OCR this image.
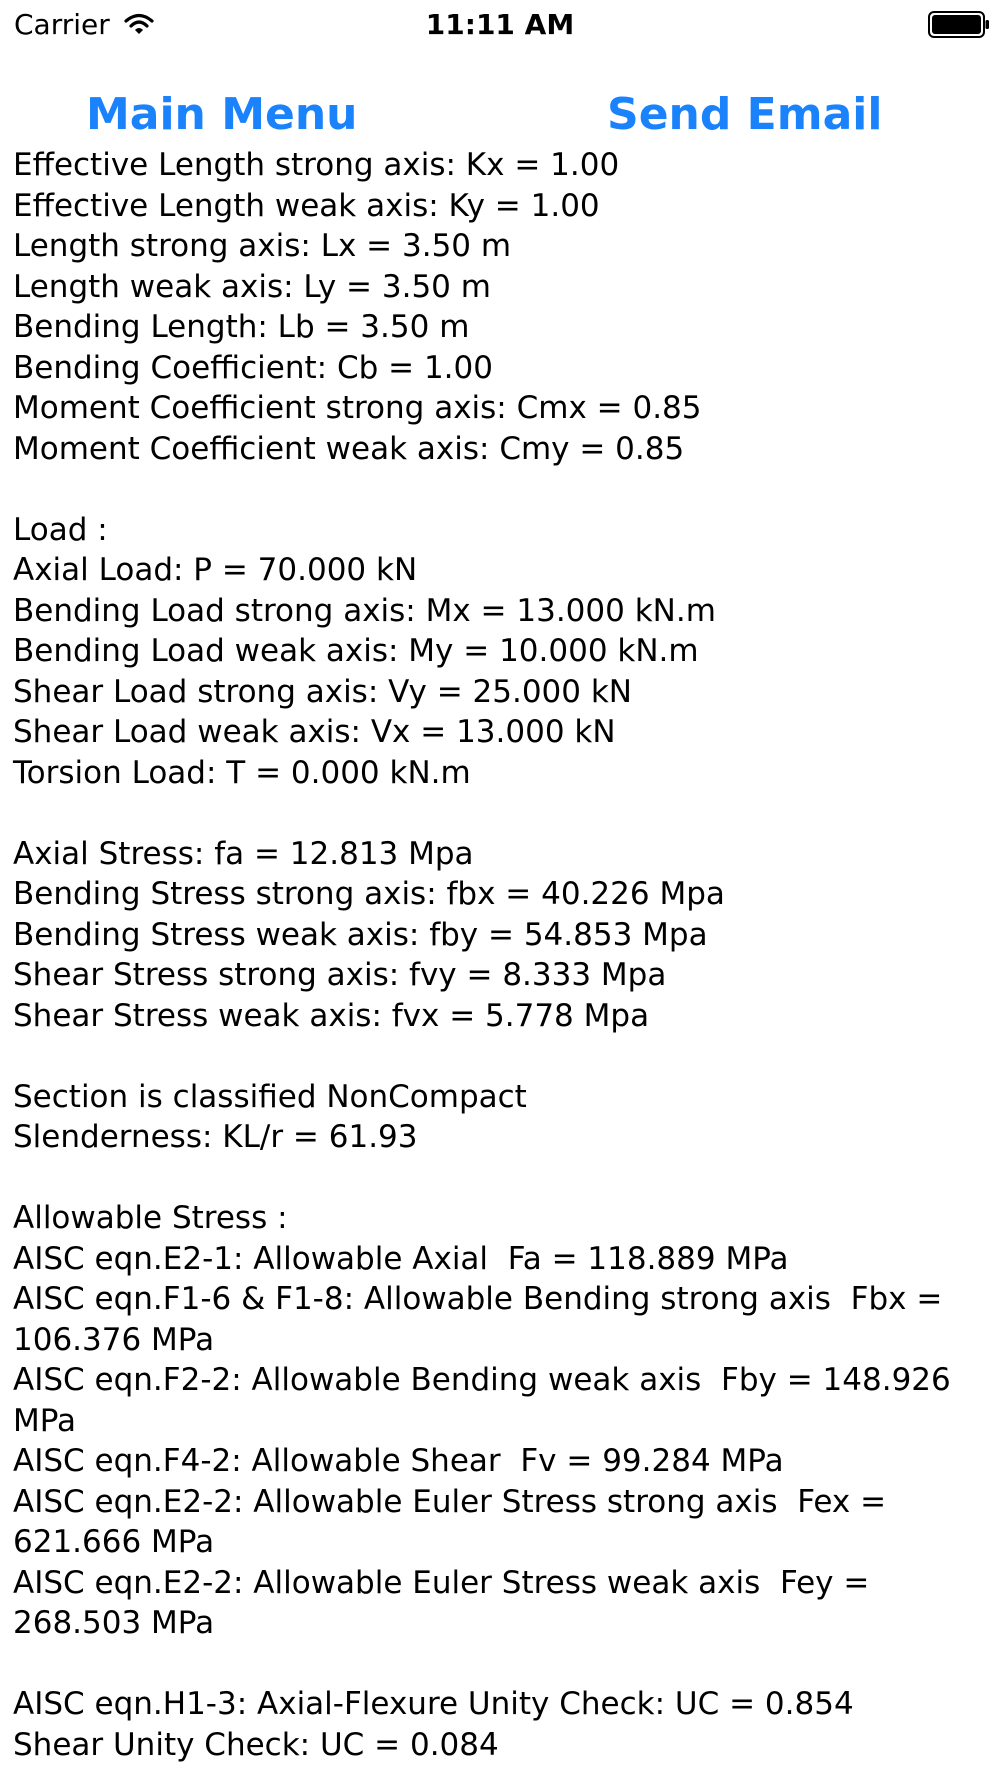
Carrier	11:11 AM
Main Menu	Send Email
Effective Length strong axis: Kx = 1.00
Effective Length weak axis: Ky = 1.00
Length strong axis: Lx = 3.50 m
Length weak axis: Ly = 3.50 m
Bending Length: Lb = 3.50 m
Bending Coefficient: Cb = 1.00
Moment Coefficient strong axis: Cmx = 0.85
Moment Coefficient weak axis: Cmy = 0.85
Load :
Axial Load: P = 70.000 kN
Bending Load strong axis: Mx = 13.000 kN.m
Bending Load weak axis: My = 10.000 kN.m
Shear Load strong axis: Vy = 25.000 kN
Shear Load weak axis: Vx = 13.000 kN
Torsion Load: T = 0.000 kN.m
Axial Stress: fa = 12.813 Mpa
Bending Stress strong axis: fbx = 40.226 Mpa
Bending Stress weak axis: fby = 54.853 Mpa
Shear Stress strong axis: fvy = 8.333 Mpa
Shear Stress weak axis: fvx = 5.778 Mpa
Section is classified NonCompact
Slenderness: KL/r = 61.93
Allowable Stress :
AISC eqn.E2-1: Allowable Axial  Fa = 118.889 MPa
AISC eqn.F1-6 & F1-8: Allowable Bending strong axis  Fbx = 106.376 MPa
AISC eqn.F2-2: Allowable Bending weak axis  Fby = 148.926 MPa
AISC eqn.F4-2: Allowable Shear  Fv = 99.284 MPa
AISC eqn.E2-2: Allowable Euler Stress strong axis  Fex = 621.666 MPa
AISC eqn.E2-2: Allowable Euler Stress weak axis  Fey = 268.503 MPa
AISC eqn.H1-3: Axial-Flexure Unity Check: UC = 0.854
Shear Unity Check: UC = 0.084
